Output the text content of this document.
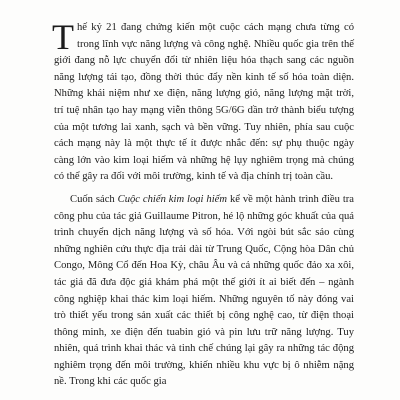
Thế kỷ 21 đang chứng kiến một cuộc cách mạng chưa từng có trong lĩnh vực năng lượng và công nghệ. Nhiều quốc gia trên thế giới đang nỗ lực chuyển đổi từ nhiên liệu hóa thạch sang các nguồn năng lượng tái tạo, đồng thời thúc đẩy nền kinh tế số hóa toàn diện. Những khái niệm như xe điện, năng lượng gió, năng lượng mặt trời, trí tuệ nhân tạo hay mạng viễn thông 5G/6G dần trở thành biểu tượng của một tương lai xanh, sạch và bền vững. Tuy nhiên, phía sau cuộc cách mạng này là một thực tế ít được nhắc đến: sự phụ thuộc ngày càng lớn vào kim loại hiếm và những hệ lụy nghiêm trọng mà chúng có thể gây ra đối với môi trường, kinh tế và địa chính trị toàn cầu.

Cuốn sách Cuộc chiến kim loại hiếm kể về một hành trình điều tra công phu của tác giả Guillaume Pitron, hé lộ những góc khuất của quá trình chuyển dịch năng lượng và số hóa. Với ngòi bút sắc sảo cùng những nghiên cứu thực địa trải dài từ Trung Quốc, Cộng hòa Dân chủ Congo, Mông Cổ đến Hoa Kỳ, châu Âu và cả những quốc đảo xa xôi, tác giả đã đưa độc giả khám phá một thế giới ít ai biết đến – ngành công nghiệp khai thác kim loại hiếm. Những nguyên tố này đóng vai trò thiết yếu trong sản xuất các thiết bị công nghệ cao, từ điện thoại thông minh, xe điện đến tuabin gió và pin lưu trữ năng lượng. Tuy nhiên, quá trình khai thác và tinh chế chúng lại gây ra những tác động nghiêm trọng đến môi trường, khiến nhiều khu vực bị ô nhiễm nặng nề. Trong khi các quốc gia
